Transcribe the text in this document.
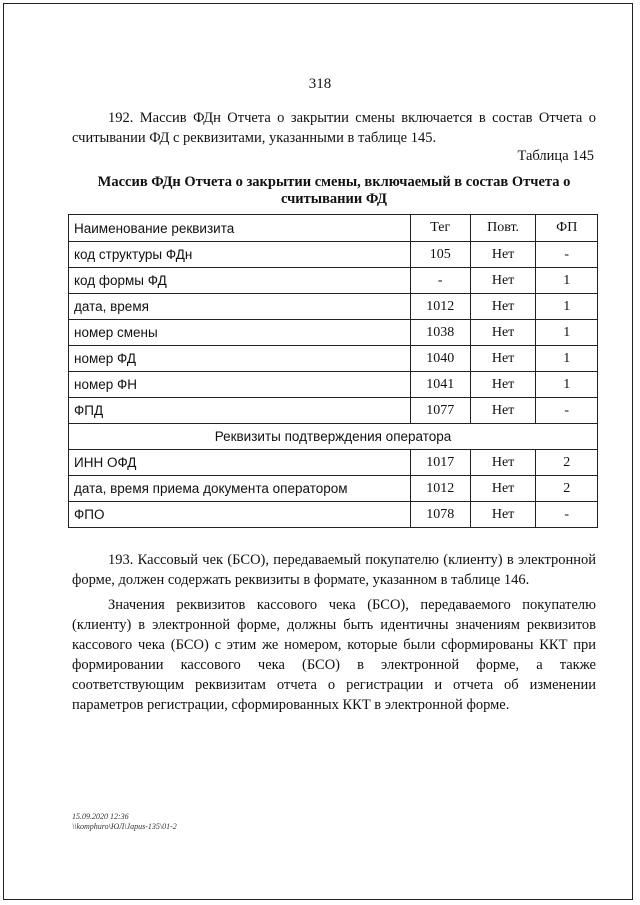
318

192. Массив ФДн Отчета о закрытии смены включается в состав Отчета о считывании ФД с реквизитами, указанными в таблице 145.

Таблица 145
Массив ФДн Отчета о закрытии смены, включаемый в состав Отчета о считывании ФД
Наименование реквизита	Тег	Повт.	ФП
код структуры ФДн	105	Нет	-
код формы ФД	-	Нет	1
дата, время	1012	Нет	1
номер смены	1038	Нет	1
номер ФД	1040	Нет	1
номер ФН	1041	Нет	1
ФПД	1077	Нет	-
Реквизиты подтверждения оператора			
ИНН ОФД	1017	Нет	2
дата, время приема документа оператором	1012	Нет	2
ФПО	1078	Нет	-

193. Кассовый чек (БСО), передаваемый покупателю (клиенту) в электронной форме, должен содержать реквизиты в формате, указанном в таблице 146.

Значения реквизитов кассового чека (БСО), передаваемого покупателю (клиенту) в электронной форме, должны быть идентичны значениям реквизитов кассового чека (БСО) с этим же номером, которые были сформированы ККТ при формировании кассового чека (БСО) в электронной форме, а также соответствующим реквизитам отчета о регистрации и отчета об изменении параметров регистрации, сформированных ККТ в электронной форме.

15.09.2020 12:36
\\komphuro\ЮЛ\Japus-135\01-2
